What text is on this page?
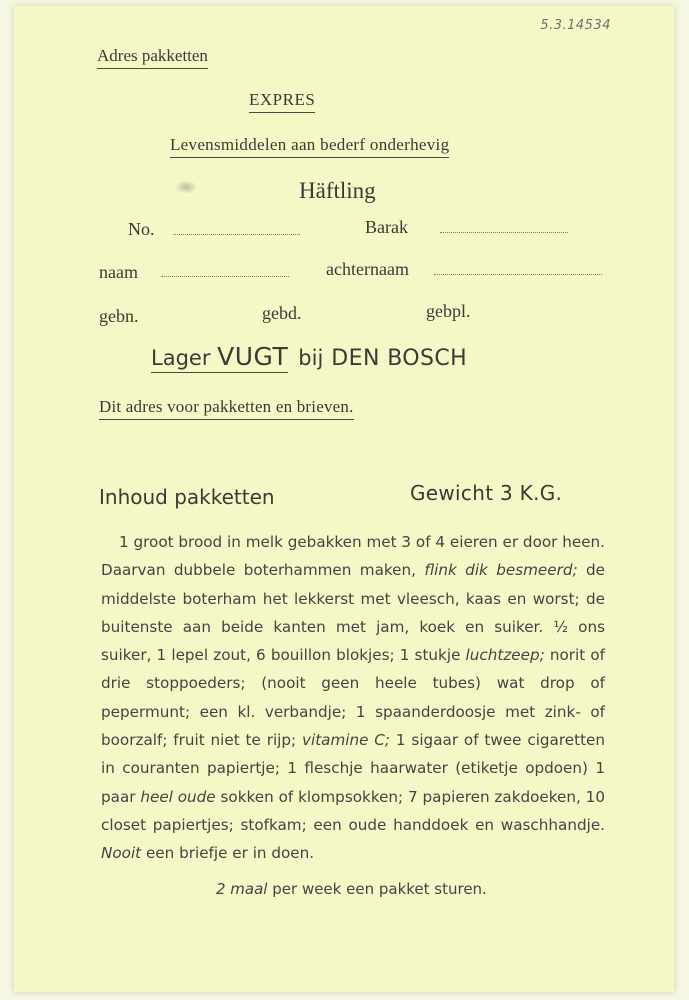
5.3.14534
Adres pakketten
EXPRES
Levensmiddelen aan bederf onderhevig
Häftling
No.	Barak
naam	achternaam
gebn.	gebd.	gebpl.
Lager VUGT bij DEN BOSCH
Dit adres voor pakketten en brieven.
Inhoud pakketten	Gewicht 3 K.G.
1 groot brood in melk gebakken met 3 of 4 eieren er door heen. Daarvan dubbele boterhammen maken, flink dik besmeerd; de middelste boterham het lekkerst met vleesch, kaas en worst; de buitenste aan beide kanten met jam, koek en suiker. ½ ons suiker, 1 lepel zout, 6 bouillon blokjes; 1 stukje luchtzeep; norit of drie stoppoeders; (nooit geen heele tubes) wat drop of pepermunt; een kl. verbandje; 1 spaanderdoosje met zink- of boorzalf; fruit niet te rijp; vitamine C; 1 sigaar of twee cigaretten in couranten papiertje; 1 fleschje haarwater (etiketje opdoen) 1 paar heel oude sokken of klompsokken; 7 papieren zakdoeken, 10 closet papiertjes; stofkam; een oude handdoek en waschhandje. Nooit een briefje er in doen.
2 maal per week een pakket sturen.
